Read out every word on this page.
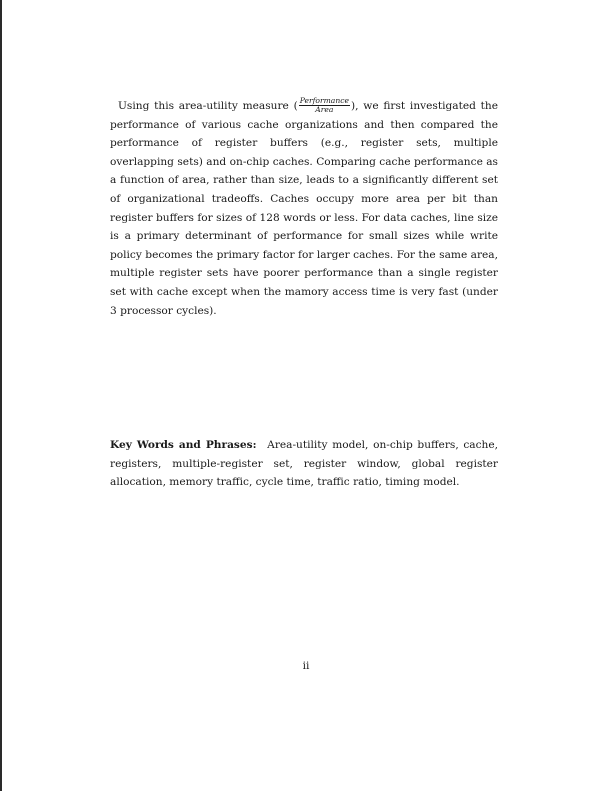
Using this area-utility measure ( $\frac{\text{Performance}}{\text{Area}}$ ), we first investigated the performance of various cache organizations and then compared the performance of register buffers (e.g., register sets, multiple overlapping sets) and on-chip caches. Comparing cache performance as a function of area, rather than size, leads to a significantly different set of organizational tradeoffs. Caches occupy more area per bit than register buffers for sizes of 128 words or less. For data caches, line size is a primary determinant of performance for small sizes while write policy becomes the primary factor for larger caches. For the same area, multiple register sets have poorer performance than a single register set with cache except when the mamory access time is very fast (under 3 processor cycles).

Key Words and Phrases: Area-utility model, on-chip buffers, cache, registers, multiple-register set, register window, global register allocation, memory traffic, cycle time, traffic ratio, timing model.

ii
